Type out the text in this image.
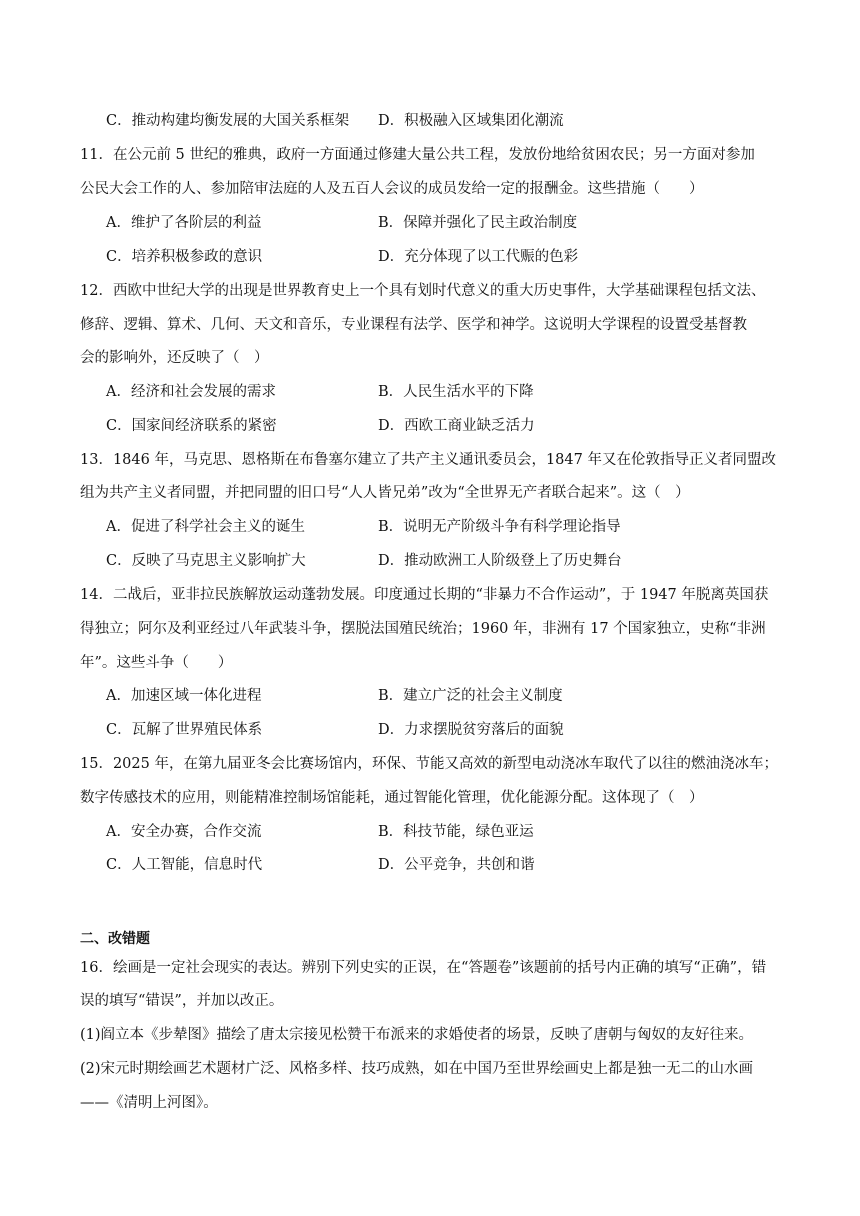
C．推动构建均衡发展的大国关系框架 D．积极融入区域集团化潮流
11．在公元前 5 世纪的雅典，政府一方面通过修建大量公共工程，发放份地给贫困农民；另一方面对参加
公民大会工作的人、参加陪审法庭的人及五百人会议的成员发给一定的报酬金。这些措施（　　）
A．维护了各阶层的利益	B．保障并强化了民主政治制度
C．培养积极参政的意识	D．充分体现了以工代赈的色彩
12．西欧中世纪大学的出现是世界教育史上一个具有划时代意义的重大历史事件，大学基础课程包括文法、
修辞、逻辑、算术、几何、天文和音乐，专业课程有法学、医学和神学。这说明大学课程的设置受基督教
会的影响外，还反映了（　）
A．经济和社会发展的需求	B．人民生活水平的下降
C．国家间经济联系的紧密	D．西欧工商业缺乏活力
13．1846 年，马克思、恩格斯在布鲁塞尔建立了共产主义通讯委员会，1847 年又在伦敦指导正义者同盟改
组为共产主义者同盟，并把同盟的旧口号“人人皆兄弟”改为“全世界无产者联合起来”。这（　）
A．促进了科学社会主义的诞生	B．说明无产阶级斗争有科学理论指导
C．反映了马克思主义影响扩大	D．推动欧洲工人阶级登上了历史舞台
14．二战后，亚非拉民族解放运动蓬勃发展。印度通过长期的“非暴力不合作运动”，于 1947 年脱离英国获
得独立；阿尔及利亚经过八年武装斗争，摆脱法国殖民统治；1960 年，非洲有 17 个国家独立，史称“非洲
年”。这些斗争（　　）
A．加速区域一体化进程	B．建立广泛的社会主义制度
C．瓦解了世界殖民体系	D．力求摆脱贫穷落后的面貌
15．2025 年，在第九届亚冬会比赛场馆内，环保、节能又高效的新型电动浇冰车取代了以往的燃油浇冰车；
数字传感技术的应用，则能精准控制场馆能耗，通过智能化管理，优化能源分配。这体现了（　）
A．安全办赛，合作交流	B．科技节能，绿色亚运
C．人工智能，信息时代	D．公平竞争，共创和谐
二、改错题
16．绘画是一定社会现实的表达。辨别下列史实的正误，在“答题卷”该题前的括号内正确的填写“正确”，错
误的填写“错误”，并加以改正。
(1)阎立本《步辇图》描绘了唐太宗接见松赞干布派来的求婚使者的场景，反映了唐朝与匈奴的友好往来。
(2)宋元时期绘画艺术题材广泛、风格多样、技巧成熟，如在中国乃至世界绘画史上都是独一无二的山水画
——《清明上河图》。
